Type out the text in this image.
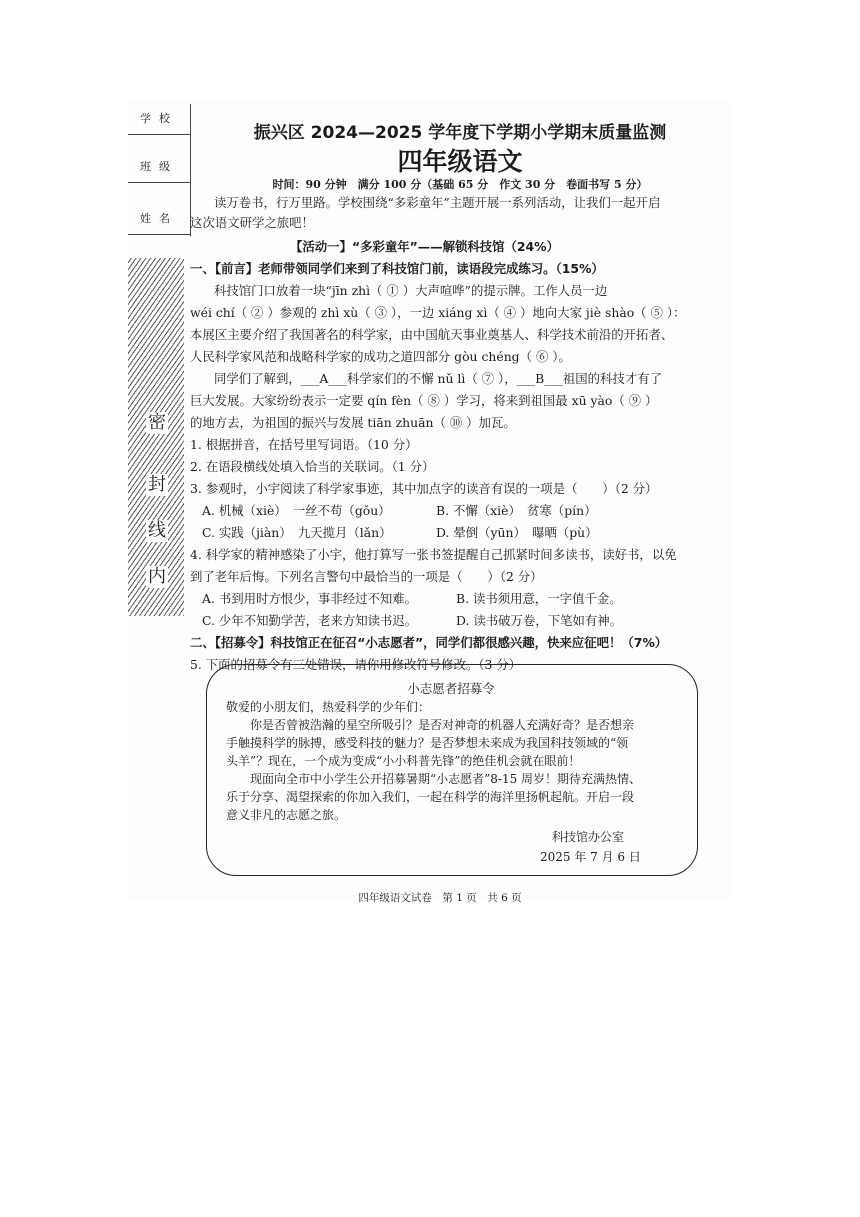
学校
班级
姓名
密
封
线
内
振兴区 2024—2025 学年度下学期小学期末质量监测
四年级语文
时间：90 分钟　满分 100 分（基础 65 分　作文 30 分　卷面书写 5 分）
读万卷书，行万里路。学校围绕“多彩童年”主题开展一系列活动，让我们一起开启
这次语文研学之旅吧！
【活动一】“多彩童年”——解锁科技馆（24%）
一、【前言】老师带领同学们来到了科技馆门前，读语段完成练习。（15%）
科技馆门口放着一块“jīn zhì（ ① ）大声喧哗”的提示牌。工作人员一边
wéi chí（ ② ）参观的 zhì xù（ ③ ），一边 xiáng xì（ ④ ）地向大家 jiè shào（ ⑤ ）：
本展区主要介绍了我国著名的科学家，由中国航天事业奠基人、科学技术前沿的开拓者、
人民科学家风范和战略科学家的成功之道四部分 gòu chéng（ ⑥ ）。
同学们了解到，___A___科学家们的不懈 nǔ lì（ ⑦ ），___B___祖国的科技才有了
巨大发展。大家纷纷表示一定要 qín fèn（ ⑧ ）学习，将来到祖国最 xū yào（ ⑨ ）
的地方去，为祖国的振兴与发展 tiān zhuān（ ⑩ ）加瓦。
1. 根据拼音，在括号里写词语。（10 分）
2. 在语段横线处填入恰当的关联词。（1 分）
3. 参观时，小宇阅读了科学家事迹，其中加点字的读音有误的一项是（　　）（2 分）
A. 机械（xiè）　一丝不苟（gǒu）	B. 不懈（xiè）　贫寒（pín）
C. 实践（jiàn）　九天揽月（lǎn）	D. 晕倒（yūn）　曝晒（pù）
4. 科学家的精神感染了小宇，他打算写一张书签提醒自己抓紧时间多读书，读好书，以免
到了老年后悔。下列名言警句中最恰当的一项是（　　）（2 分）
A. 书到用时方恨少，事非经过不知难。	B. 读书须用意，一字值千金。
C. 少年不知勤学苦，老来方知读书迟。	D. 读书破万卷，下笔如有神。
二、【招募令】科技馆正在征召“小志愿者”，同学们都很感兴趣，快来应征吧！（7%）
5. 下面的招募令有三处错误，请你用修改符号修改。（3 分）
小志愿者招募令
敬爱的小朋友们，热爱科学的少年们：
你是否曾被浩瀚的星空所吸引？是否对神奇的机器人充满好奇？是否想亲
手触摸科学的脉搏，感受科技的魅力？是否梦想未来成为我国科技领域的“领
头羊”？现在，一个成为变成“小小科普先锋”的绝佳机会就在眼前！
现面向全市中小学生公开招募暑期“小志愿者”8-15 周岁！期待充满热情、
乐于分享、渴望探索的你加入我们，一起在科学的海洋里扬帆起航。开启一段
意义非凡的志愿之旅。
科技馆办公室
2025 年 7 月 6 日
四年级语文试卷　第 1 页　共 6 页
